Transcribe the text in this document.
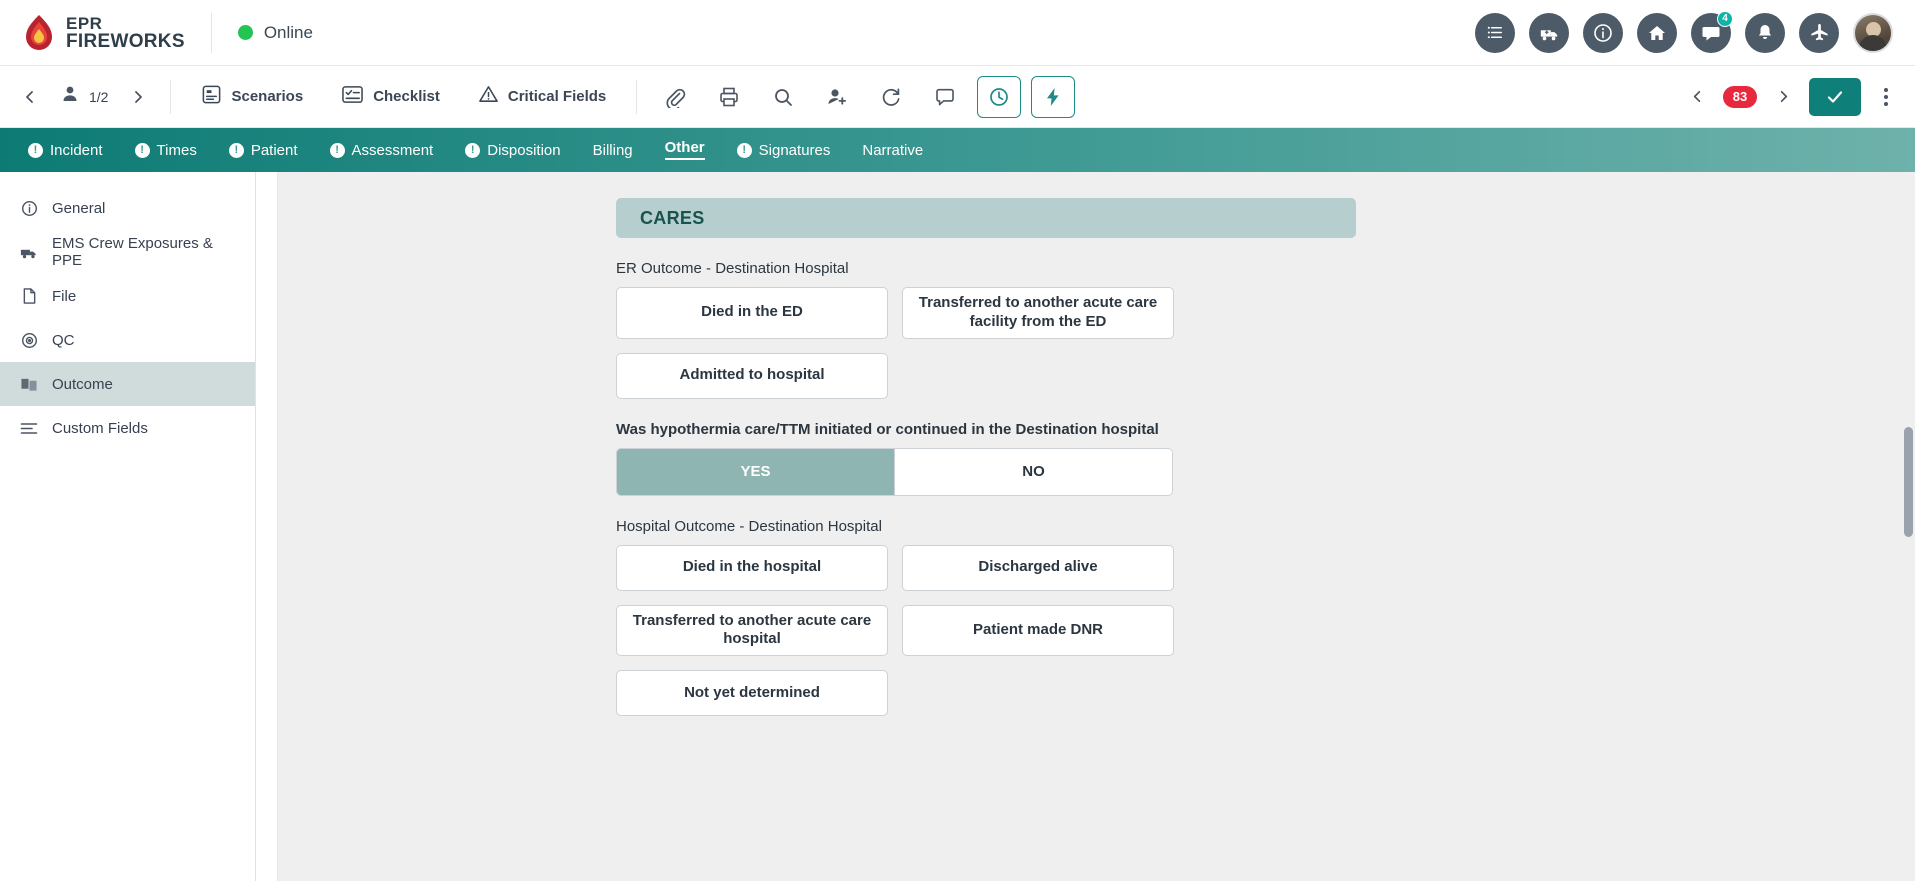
EPR
FIREWORKS	Online
4
1/2	Scenarios	Checklist	Critical Fields	83
! Incident	! Times	! Patient	! Assessment	! Disposition Billing Other	! Signatures Narrative
General
EMS Crew Exposures & PPE
File
QC
Outcome
Custom Fields
CARES
ER Outcome - Destination Hospital
Died in the ED
Transferred to another acute care facility from the ED
Admitted to hospital
Was hypothermia care/TTM initiated or continued in the Destination hospital
YES	NO
Hospital Outcome - Destination Hospital
Died in the hospital	Discharged alive
Transferred to another acute care hospital
Patient made DNR
Not yet determined
